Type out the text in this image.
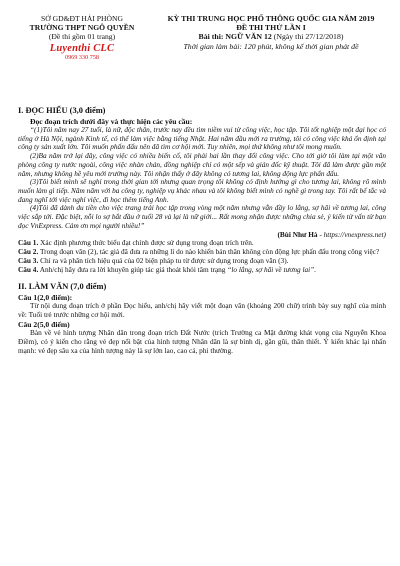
SỞ GD&ĐT HẢI PHÒNG
TRƯỜNG THPT NGÔ QUYỀN
(Đề thi gồm 01 trang)
Luyenthi CLC
0969 330 758
KỲ THI TRUNG HỌC PHỔ THÔNG QUỐC GIA NĂM 2019
ĐỀ THI THỬ LẦN I
Bài thi: NGỮ VĂN 12 (Ngày thi 27/12/2018)
Thời gian làm bài: 120 phút, không kể thời gian phát đề
I. ĐỌC HIỂU (3,0 điểm)
Đọc đoạn trích dưới đây và thực hiện các yêu cầu:

“(1)Tôi năm nay 27 tuổi, là nữ, độc thân, trước nay đều tìm niềm vui từ công việc, học tập. Tôi tốt nghiệp một đại học có tiếng ở Hà Nội, ngành Kinh tế, có thể làm việc bằng tiếng Nhật. Hai năm đầu mới ra trường, tôi có công việc khá ổn định tại công ty sản xuất lớn. Tôi muốn phấn đấu nên đã tìm cơ hội mới. Tuy nhiên, mọi thứ không như tôi mong muốn.

(2)Ba năm trở lại đây, công việc có nhiều biến cố, tôi phải hai lần thay đổi công việc. Cho tới giờ tôi làm tại một văn phòng công ty nước ngoài, công việc nhàn chán, đồng nghiệp chỉ có một sếp và gián đốc kỹ thuật. Tôi đã làm được gần một năm, nhưng không hề yêu mới trường này. Tôi nhận thấy ở đây không có tương lai, không động lực phấn đấu.

(3)Tôi biết mình sẽ nghỉ trong thời gian tới nhưng quan trọng tôi không có định hướng gì cho tương lai, không rõ mình muốn làm gì tiếp. Năm năm với ba công ty, nghiệp vụ khác nhau và tôi không biết mình có nghề gì trong tay. Tôi rất bế tắc và đang nghĩ tới việc nghỉ việc, đi học thêm tiếng Anh.

(4)Tôi đã dành du tiền cho việc trang trải học tập trong vòng một năm nhưng vẫn đầy lo lắng, sợ hãi về tương lai, công việc sắp tới. Đặc biệt, nỗi lo sợ bắt đầu ở tuổi 28 và lại là nữ giới... Rất mong nhận được những chia sẻ, ý kiến từ vấn từ bạn đọc VnExpress. Cảm ơn mọi người nhiều!”

(Bùi Như Hà - https://vnexpress.net)

Câu 1. Xác định phương thức biểu đạt chính được sử dụng trong đoạn trích trên.

Câu 2. Trong đoạn văn (2), tác giả đã đưa ra những lí do nào khiến bản thân không còn động lực phấn đấu trong công việc?

Câu 3. Chỉ ra và phân tích hiệu quả của 02 biện pháp tu từ được sử dụng trong đoạn văn (3).

Câu 4. Anh/chị hãy đưa ra lời khuyên giúp tác giả thoát khỏi tâm trạng “lo lắng, sợ hãi về tương lai”.

II. LÀM VĂN (7,0 điểm)

Câu 1(2,0 điểm):

Từ nội dung đoạn trích ở phần Đọc hiểu, anh/chị hãy viết một đoạn văn (khoảng 200 chữ) trình bày suy nghĩ của mình về: Tuổi trẻ trước những cơ hội mới.

Câu 2(5,0 điểm)

Bàn về vẻ hình tượng Nhân dân trong đoạn trích Đất Nước (trích Trường ca Mặt đường khát vọng của Nguyễn Khoa Điềm), có ý kiến cho rằng vẻ đẹp nổi bật của hình tượng Nhân dân là sự bình dị, gần gũi, thân thiết. Ý kiến khác lại nhấn mạnh: vẻ đẹp sâu xa của hình tượng này là sự lớn lao, cao cả, phi thường.
